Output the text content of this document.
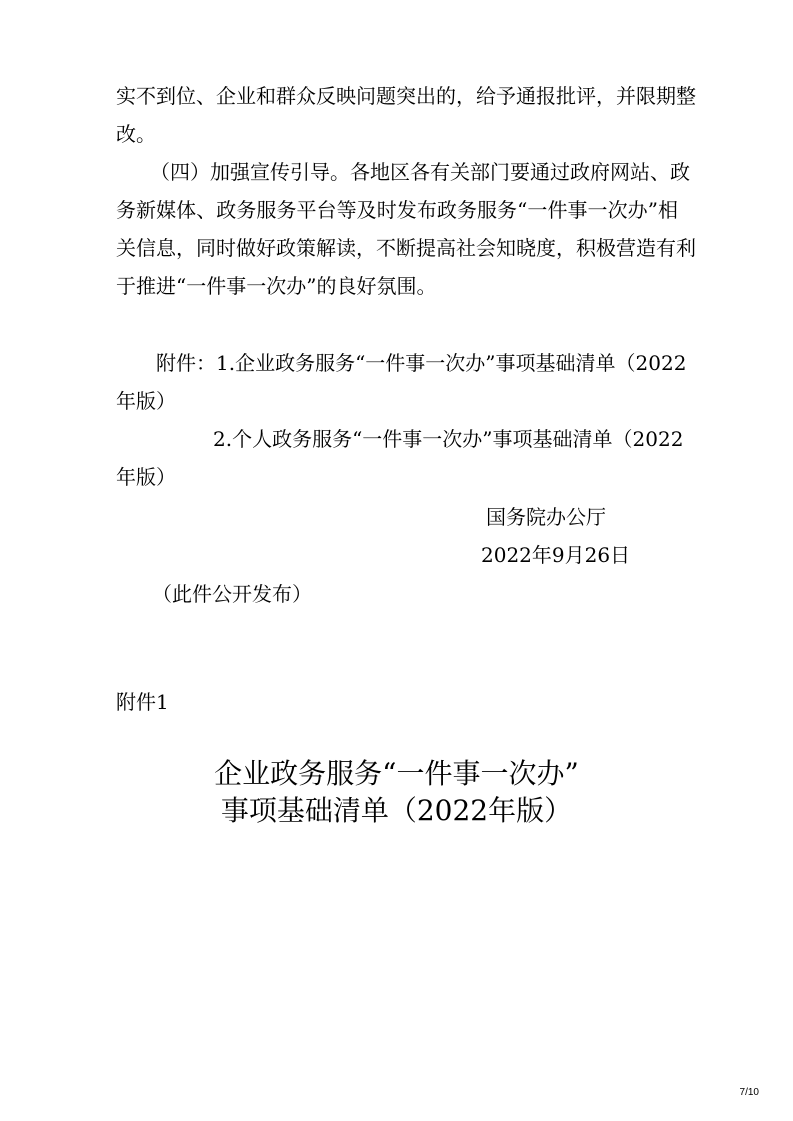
实不到位、企业和群众反映问题突出的，给予通报批评，并限期整
改。
（四）加强宣传引导。各地区各有关部门要通过政府网站、政
务新媒体、政务服务平台等及时发布政务服务“一件事一次办”相
关信息，同时做好政策解读，不断提高社会知晓度，积极营造有利
于推进“一件事一次办”的良好氛围。
附件：1.企业政务服务“一件事一次办”事项基础清单（2022
年版）
2.个人政务服务“一件事一次办”事项基础清单（2022
年版）
国务院办公厅
2022年9月26日
（此件公开发布）
附件1
企业政务服务“一件事一次办”
事项基础清单（2022年版）
7/10
